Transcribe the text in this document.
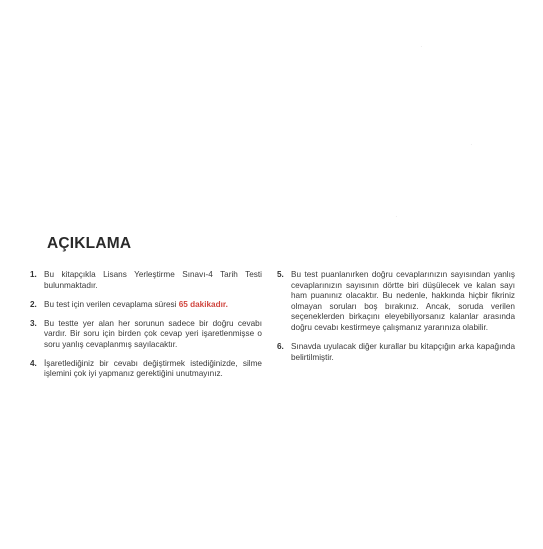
·
·
·
AÇIKLAMA
1. Bu kitapçıkla Lisans Yerleştirme Sınavı-4 Tarih Testi bulunmaktadır.
2. Bu test için verilen cevaplama süresi 65 dakikadır.
3. Bu testte yer alan her sorunun sadece bir doğru cevabı vardır. Bir soru için birden çok cevap yeri işaretlenmişse o soru yanlış cevaplanmış sayılacaktır.
4. İşaretlediğiniz bir cevabı değiştirmek istediğinizde, silme işlemini çok iyi yapmanız gerektiğini unutmayınız.
5. Bu test puanlanırken doğru cevaplarınızın sayısından yanlış cevaplarınızın sayısının dörtte biri düşülecek ve kalan sayı ham puanınız olacaktır. Bu nedenle, hakkında hiçbir fikriniz olmayan soruları boş bırakınız. Ancak, soruda verilen seçeneklerden birkaçını eleyebiliyorsanız kalanlar arasında doğru cevabı kestirmeye çalışmanız yararınıza olabilir.
6. Sınavda uyulacak diğer kurallar bu kitapçığın arka kapağında belirtilmiştir.
